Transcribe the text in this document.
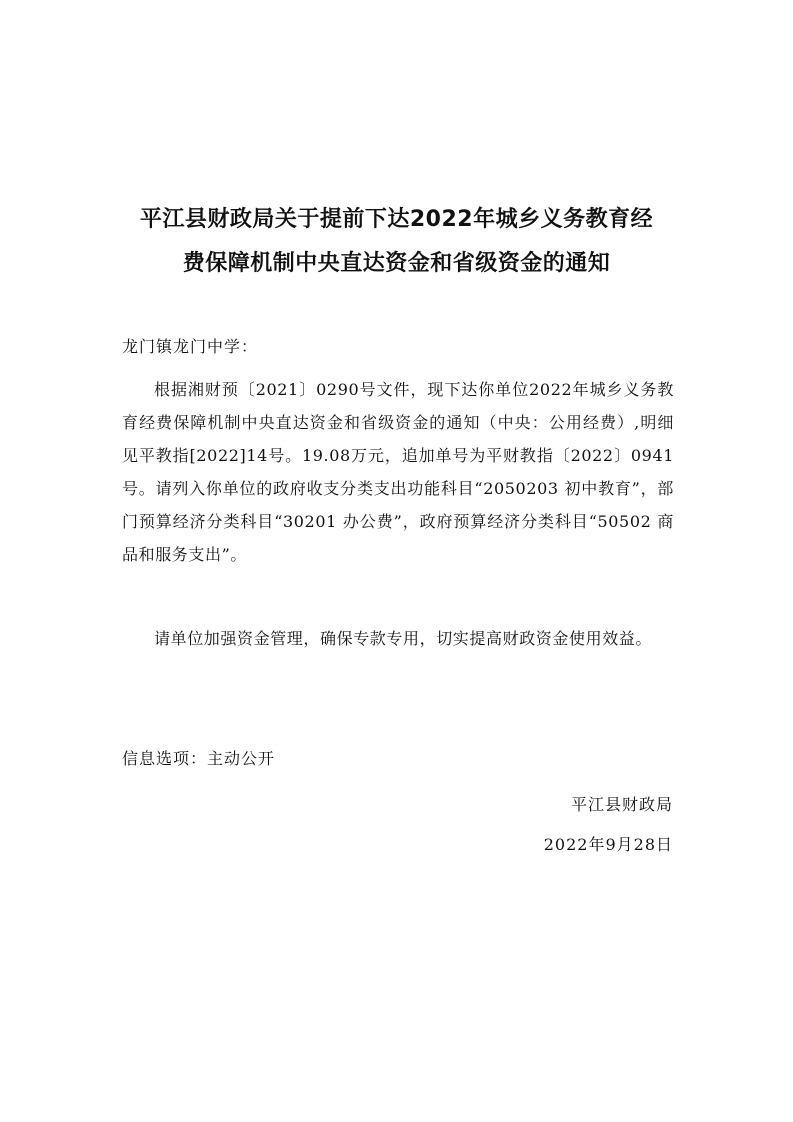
平江县财政局关于提前下达2022年城乡义务教育经
费保障机制中央直达资金和省级资金的通知

龙门镇龙门中学：

根据湘财预〔2021〕0290号文件，现下达你单位2022年城乡义务教育经费保障机制中央直达资金和省级资金的通知（中央：公用经费）,明细见平教指[2022]14号。19.08万元，追加单号为平财教指〔2022〕0941号。请列入你单位的政府收支分类支出功能科目“2050203 初中教育”，部门预算经济分类科目“30201 办公费”，政府预算经济分类科目“50502 商品和服务支出”。

请单位加强资金管理，确保专款专用，切实提高财政资金使用效益。

信息选项：主动公开

平江县财政局

2022年9月28日
